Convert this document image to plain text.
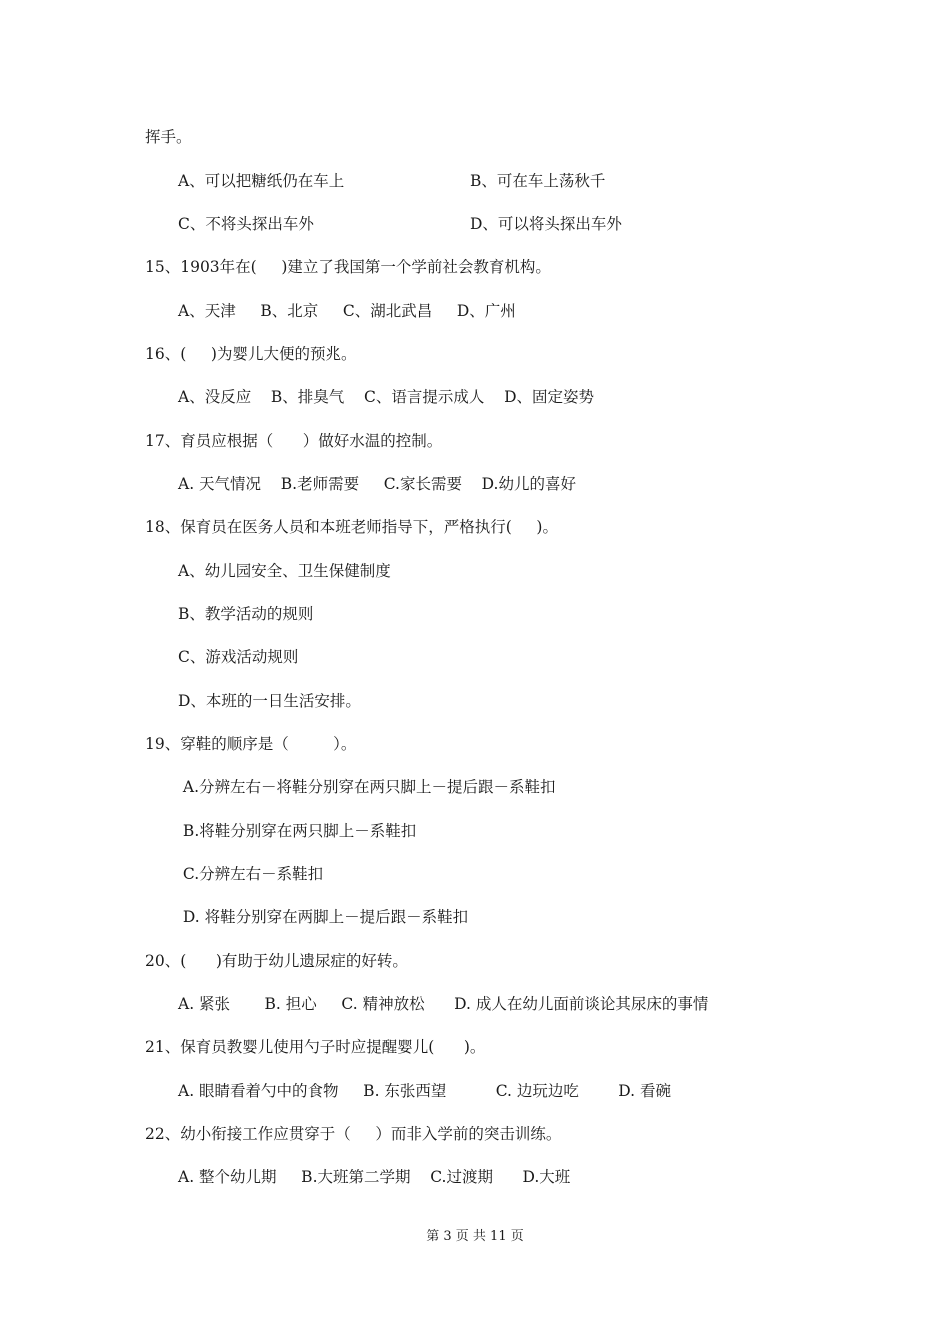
挥手。
A、可以把糖纸仍在车上	B、可在车上荡秋千
C、不将头探出车外	D、可以将头探出车外
15、1903年在(     )建立了我国第一个学前社会教育机构。
A、天津     B、北京     C、湖北武昌     D、广州
16、(     )为婴儿大便的预兆。
A、没反应    B、排臭气    C、语言提示成人    D、固定姿势
17、育员应根据（      ）做好水温的控制。
A. 天气情况    B.老师需要     C.家长需要    D.幼儿的喜好
18、保育员在医务人员和本班老师指导下，严格执行(     )。
A、幼儿园安全、卫生保健制度
B、教学活动的规则
C、游戏活动规则
D、本班的一日生活安排。
19、穿鞋的顺序是（         ）。
A.分辨左右－将鞋分别穿在两只脚上－提后跟－系鞋扣
B.将鞋分别穿在两只脚上－系鞋扣
C.分辨左右－系鞋扣
D. 将鞋分别穿在两脚上－提后跟－系鞋扣
20、(      )有助于幼儿遗尿症的好转。
A. 紧张       B. 担心     C. 精神放松      D. 成人在幼儿面前谈论其尿床的事情
21、保育员教婴儿使用勺子时应提醒婴儿(      )。
A. 眼睛看着勺中的食物     B. 东张西望          C. 边玩边吃        D. 看碗
22、幼小衔接工作应贯穿于（     ）而非入学前的突击训练。
A. 整个幼儿期     B.大班第二学期    C.过渡期      D.大班
第 3 页 共 11 页
